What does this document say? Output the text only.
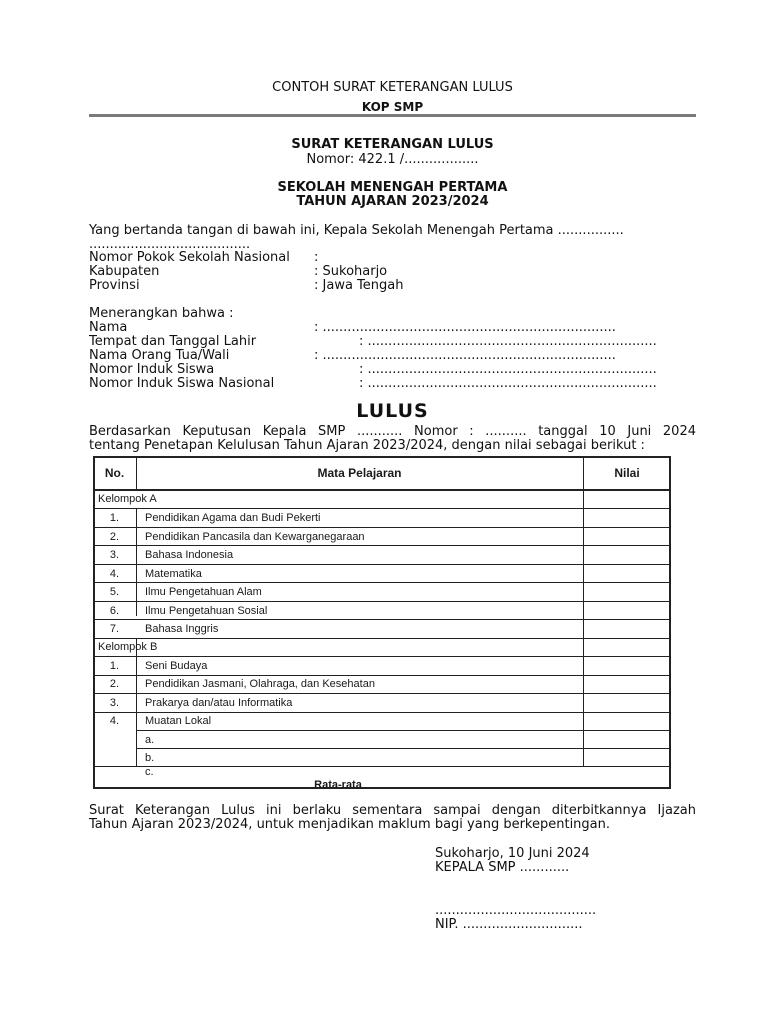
CONTOH SURAT KETERANGAN LULUS
KOP SMP
SURAT KETERANGAN LULUS
Nomor: 422.1 /..................
SEKOLAH MENENGAH PERTAMA
TAHUN AJARAN 2023/2024
Yang bertanda tangan di bawah ini, Kepala Sekolah Menengah Pertama ................
.......................................
Nomor Pokok Sekolah Nasional :
Kabupaten	: Sukoharjo
Provinsi	: Jawa Tengah
Menerangkan bahwa :
Nama	: .......................................................................
Tempat dan Tanggal Lahir	: ......................................................................
Nama Orang Tua/Wali	: .......................................................................
Nomor Induk Siswa	: ......................................................................
Nomor Induk Siswa Nasional	: ......................................................................
LULUS
Berdasarkan Keputusan Kepala SMP ........... Nomor : .......... tanggal 10 Juni 2024
tentang Penetapan Kelulusan Tahun Ajaran 2023/2024, dengan nilai sebagai berikut :
No.	Mata Pelajaran	Nilai
Kelompok A
1.	Pendidikan Agama dan Budi Pekerti
2.	Pendidikan Pancasila dan Kewarganegaraan
3.	Bahasa Indonesia
4.	Matematika
5.	Ilmu Pengetahuan Alam
6.	Ilmu Pengetahuan Sosial
7.	Bahasa Inggris
Kelompok B
1.	Seni Budaya
2.	Pendidikan Jasmani, Olahraga, dan Kesehatan
3.	Prakarya dan/atau Informatika
4.	Muatan Lokal
a.
b.
c.
Rata-rata
Surat Keterangan Lulus ini berlaku sementara sampai dengan diterbitkannya Ijazah
Tahun Ajaran 2023/2024, untuk menjadikan maklum bagi yang berkepentingan.
Sukoharjo, 10 Juni 2024
KEPALA SMP ............
.......................................
NIP. .............................
